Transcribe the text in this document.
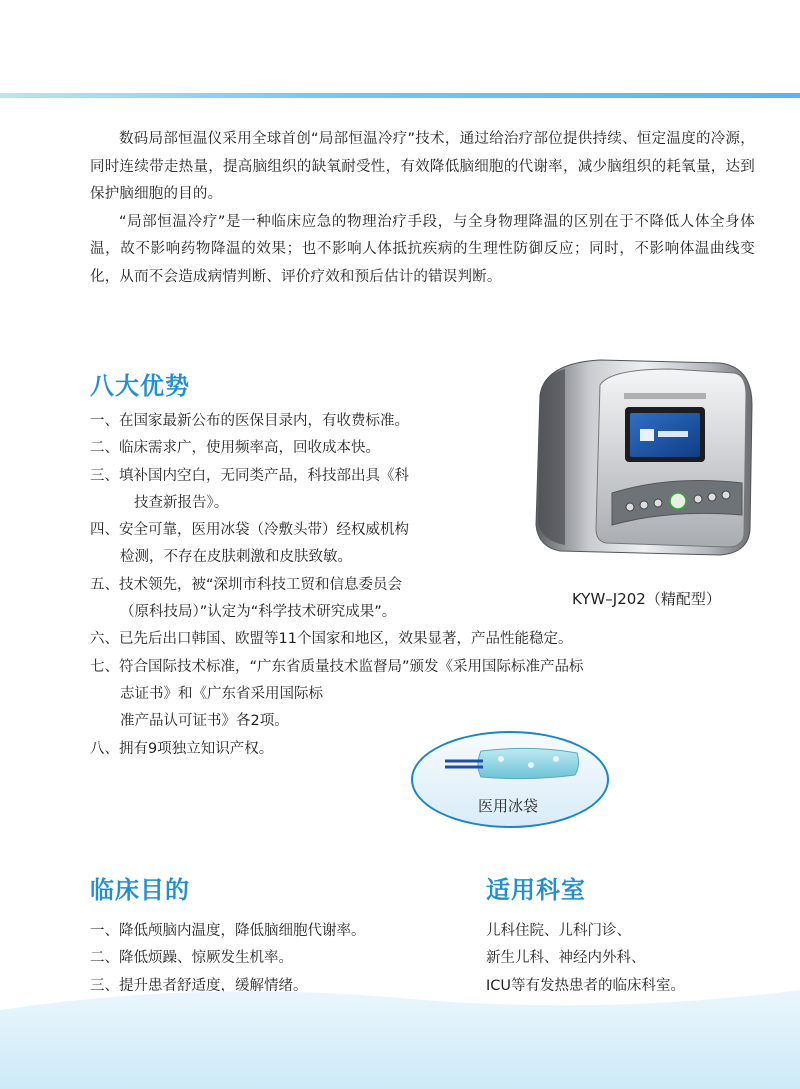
数码局部恒温仪采用全球首创“局部恒温冷疗”技术，通过给治疗部位提供持续、恒定温度的冷源，同时连续带走热量，提高脑组织的缺氧耐受性，有效降低脑细胞的代谢率，减少脑组织的耗氧量，达到保护脑细胞的目的。

“局部恒温冷疗”是一种临床应急的物理治疗手段，与全身物理降温的区别在于不降低人体全身体温，故不影响药物降温的效果；也不影响人体抵抗疾病的生理性防御反应；同时，不影响体温曲线变化，从而不会造成病情判断、评价疗效和预后估计的错误判断。

八大优势
一、在国家最新公布的医保目录内，有收费标准。
二、临床需求广，使用频率高，回收成本快。
三、填补国内空白，无同类产品，科技部出具《科
技查新报告》。
四、安全可靠，医用冰袋（冷敷头带）经权威机构
检测，不存在皮肤刺激和皮肤致敏。
五、技术领先，被“深圳市科技工贸和信息委员会
（原科技局）”认定为“科学技术研究成果”。
六、已先后出口韩国、欧盟等11个国家和地区，效果显著，产品性能稳定。
七、符合国际技术标准，“广东省质量技术监督局”颁发《采用国际标准产品标
志证书》和《广东省采用国际标
准产品认可证书》各2项。
八、拥有9项独立知识产权。
KYW–J202（精配型）
医用冰袋
临床目的
一、降低颅脑内温度，降低脑细胞代谢率。
二、降低烦躁、惊厥发生机率。
三、提升患者舒适度，缓解情绪。
适用科室
儿科住院、儿科门诊、
新生儿科、神经内外科、
ICU等有发热患者的临床科室。
